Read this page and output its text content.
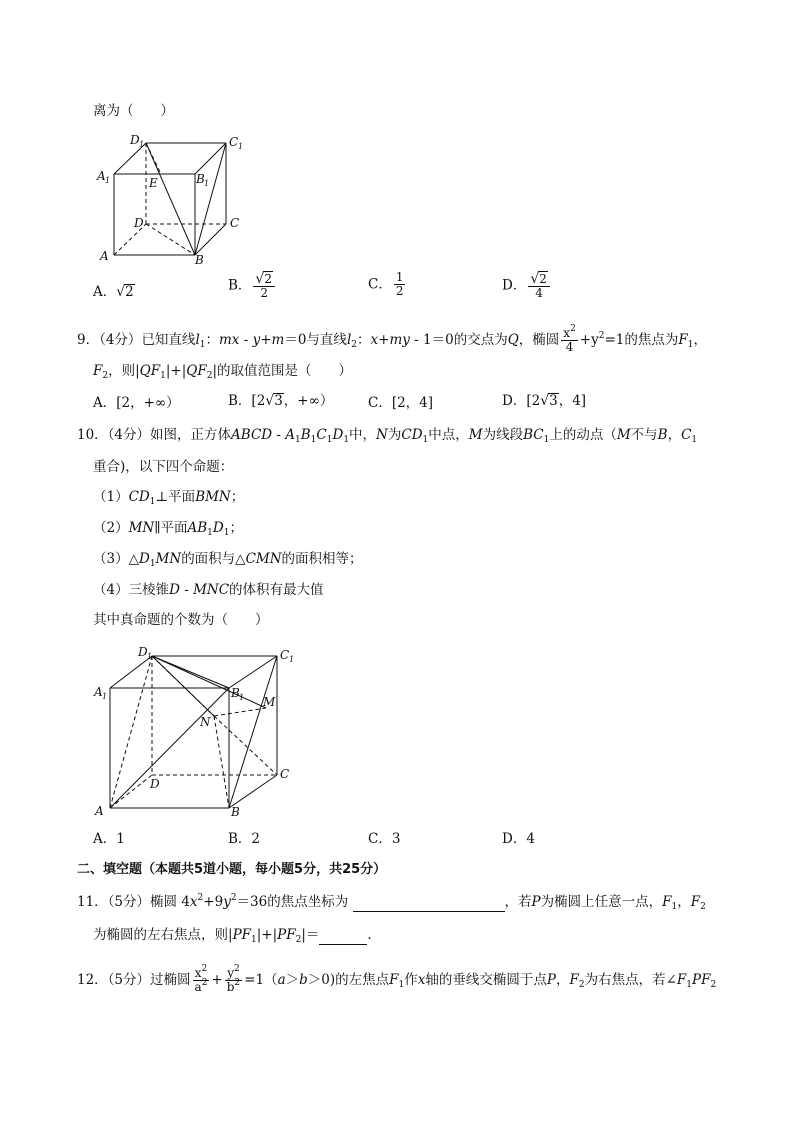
离为（　　）
D 1	C 1
A 1	B 1
E
D	C
A	B
A．√2	B． $\frac{√2}{2}$	C． $\frac{1}{2}$	D． $\frac{√2}{4}$
9．（4分）已知直线$l_1$：mx - y+m＝0与直线$l_2$：x+my - 1＝0的交点为Q，椭圆 $\frac{x^2}{4} +y^2=1$的焦点为$F_1$，
$F_2$，则$|QF_1|+|QF_2|$的取值范围是（　　）
A．[2，+∞）	B．[2√3，+∞）	C．[2，4]	D．[2√3，4]
10．（4分）如图，正方体ABCD - $A_1B_1C_1D_1$中，N为$CD_1$中点，M为线段$BC_1$上的动点（M不与B，$C_1$
重合)，以下四个命题：
$(1)CD_1\perp$平面BMN；
（2）MN∥平面$AB_1D_1$；
$(3)\triangle D_1MN$的面积与△CMN的面积相等；
（4）三棱锥D - MNC的体积有最大值
其中真命题的个数为（　　）
D 1	C 1
A 1	B 1
N
M
D
C
A	B
A．1	B．2	C．3	D．4
二、填空题（本题共5道小题，每小题5分，共25分）
11．（5分）椭圆 $4x^2+9y^2=36$的焦点坐标为	，若P为椭圆上任意一点，$F_1$，$F_2$
为椭圆的左右焦点，则$|PF_1|+|PF_2|=$	．
12．（5分）过椭圆 $\frac{x^2}{a^2} + \frac{y^2}{b^2} =1(a>b>0)$的左焦点$F_1$作x轴的垂线交椭圆于点P，$F_2$为右焦点，若$\angle F_1PF_2$
